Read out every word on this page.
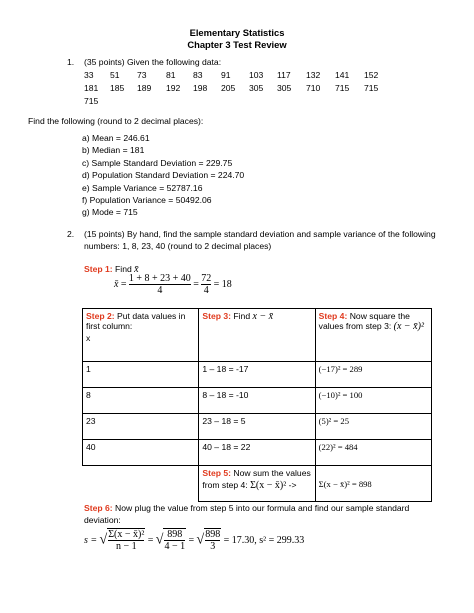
Elementary Statistics
Chapter 3 Test Review
1. (35 points) Given the following data:
33 51 73 81 83 91 103 117 132 141 152
181 185 189 192 198 205 305 305 710 715 715
715
Find the following (round to 2 decimal places):
a) Mean = 246.61
b) Median = 181
c) Sample Standard Deviation = 229.75
d) Population Standard Deviation = 224.70
e) Sample Variance = 52787.16
f) Population Variance = 50492.06
g) Mode = 715
2. (15 points) By hand, find the sample standard deviation and sample variance of the following
numbers: 1, 8, 23, 40 (round to 2 decimal places)
Step 1: Find x̄
x̄ = $\frac{1 + 8 + 23 + 40}{4} = \frac{72}{4} = 18$
Step 2: Put data values in first column:
x	Step 3: Find x − x̄	Step 4: Now square the values from step 3: (x − x̄)²
1	1 – 18 = -17	(−17)² = 289
8	8 – 18 = -10	(−10)² = 100
23	23 – 18 = 5	(5)² = 25
40	40 – 18 = 22	(22)² = 484

	Step 5: Now sum the values
from step 4: Σ(x − x̄)² ->	Σ(x − x̄)² = 898
Step 6: Now plug the value from step 5 into our formula and find our sample standard
deviation:
s = √ $\frac{\text{Σ(x − x̄)²}}{n - 1}$ = √ $\frac{898}{4 - 1}$ = √ $\frac{898}{3} = 17.30$, s² = 299.33
